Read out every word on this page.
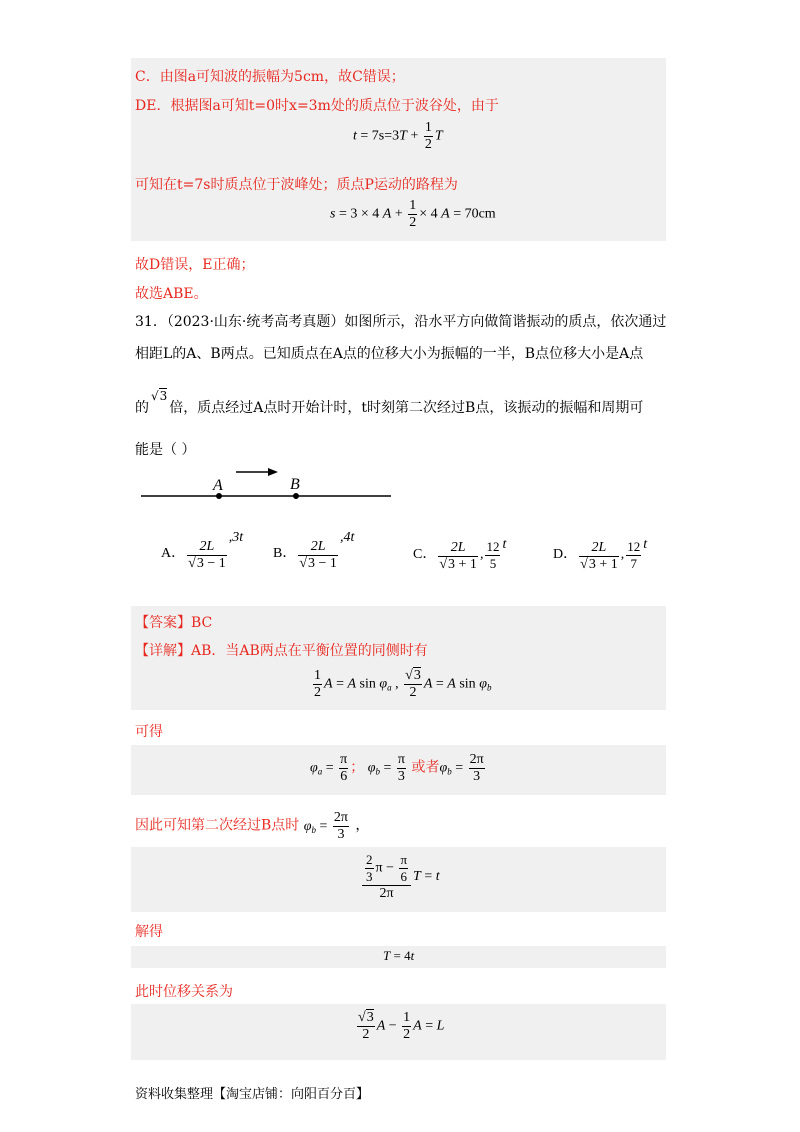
C．由图a可知波的振幅为5cm，故C错误；
DE．根据图a可知t=0时x=3m处的质点位于波谷处，由于
$t = 7s=3T + \frac{1}{2}$ T
可知在t=7s时质点位于波峰处；质点P运动的路程为
s = 3 × 4 $A + \frac{1}{2} \times 4$ A = 70cm
故D错误，E正确；
故选ABE。
31．（2023·山东·统考高考真题）如图所示，沿水平方向做简谐振动的质点，依次通过
相距L的A、B两点。已知质点在A点的位移大小为振幅的一半，B点位移大小是A点
的√3倍，质点经过A点时开始计时，t时刻第二次经过B点，该振动的振幅和周期可
能是（ ）
A	B
A． $\frac{2L}{√3 - 1}$
,3t
B． $\frac{2L}{√3 - 1}$
,4t
C． $\frac{2L}{√3 + 1}$ , $\frac{12}{5}$ t
D． $\frac{2L}{√3 + 1}$ , $\frac{12}{7}$ t
【答案】BC
【详解】AB．当AB两点在平衡位置的同侧时有
$\frac{1}{2}$ A = A $\sin \varphi_a$ , $\frac{√3}{2}$ A = A $\sin \varphi_b$
可得
$\varphi_a = \frac{\pi}{6}$ ； $\varphi_b = \frac{\pi}{3}$ 或者$\varphi_b = \frac{2\pi}{3}$
因此可知第二次经过B点时 $\varphi_b = \frac{2\pi}{3}$ ，
$\frac{\frac{2}{3} \pi - \frac{\pi}{6}}{2\pi}$ T = t
解得
T = 4t
此时位移关系为
$\frac{√3}{2}$ $A - \frac{1}{2}$ A = L
资料收集整理【淘宝店铺：向阳百分百】
